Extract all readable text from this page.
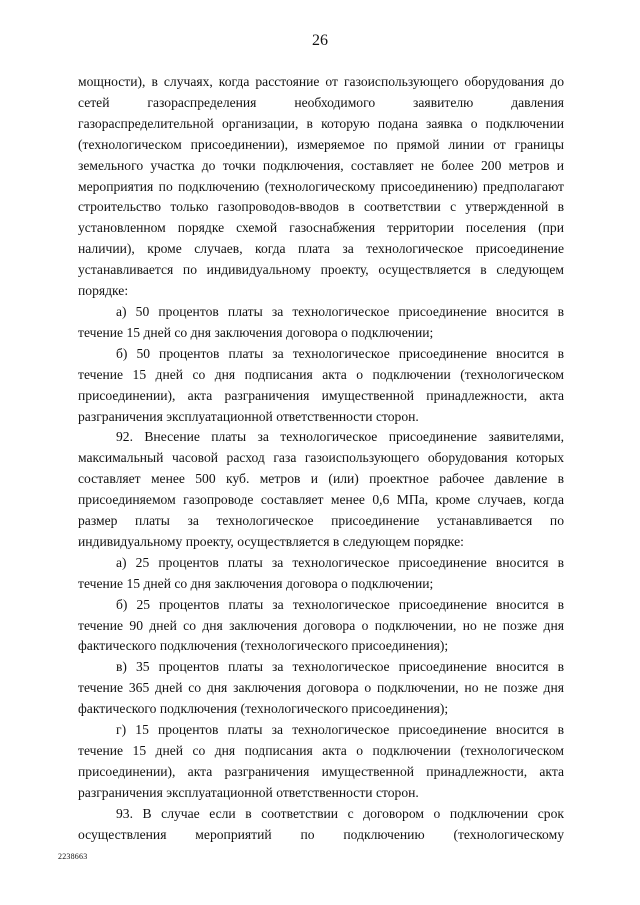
26

мощности), в случаях, когда расстояние от газоиспользующего оборудования до сетей газораспределения необходимого заявителю давления газораспределительной организации, в которую подана заявка о подключении (технологическом присоединении), измеряемое по прямой линии от границы земельного участка до точки подключения, составляет не более 200 метров и мероприятия по подключению (технологическому присоединению) предполагают строительство только газопроводов-вводов в соответствии с утвержденной в установленном порядке схемой газоснабжения территории поселения (при наличии), кроме случаев, когда плата за технологическое присоединение устанавливается по индивидуальному проекту, осуществляется в следующем порядке:

а) 50 процентов платы за технологическое присоединение вносится в течение 15 дней со дня заключения договора о подключении;

б) 50 процентов платы за технологическое присоединение вносится в течение 15 дней со дня подписания акта о подключении (технологическом присоединении), акта разграничения имущественной принадлежности, акта разграничения эксплуатационной ответственности сторон.

92. Внесение платы за технологическое присоединение заявителями, максимальный часовой расход газа газоиспользующего оборудования которых составляет менее 500 куб. метров и (или) проектное рабочее давление в присоединяемом газопроводе составляет менее 0,6 МПа, кроме случаев, когда размер платы за технологическое присоединение устанавливается по индивидуальному проекту, осуществляется в следующем порядке:

а) 25 процентов платы за технологическое присоединение вносится в течение 15 дней со дня заключения договора о подключении;

б) 25 процентов платы за технологическое присоединение вносится в течение 90 дней со дня заключения договора о подключении, но не позже дня фактического подключения (технологического присоединения);

в) 35 процентов платы за технологическое присоединение вносится в течение 365 дней со дня заключения договора о подключении, но не позже дня фактического подключения (технологического присоединения);

г) 15 процентов платы за технологическое присоединение вносится в течение 15 дней со дня подписания акта о подключении (технологическом присоединении), акта разграничения имущественной принадлежности, акта разграничения эксплуатационной ответственности сторон.

93. В случае если в соответствии с договором о подключении срок осуществления мероприятий по подключению (технологическому

2238663
